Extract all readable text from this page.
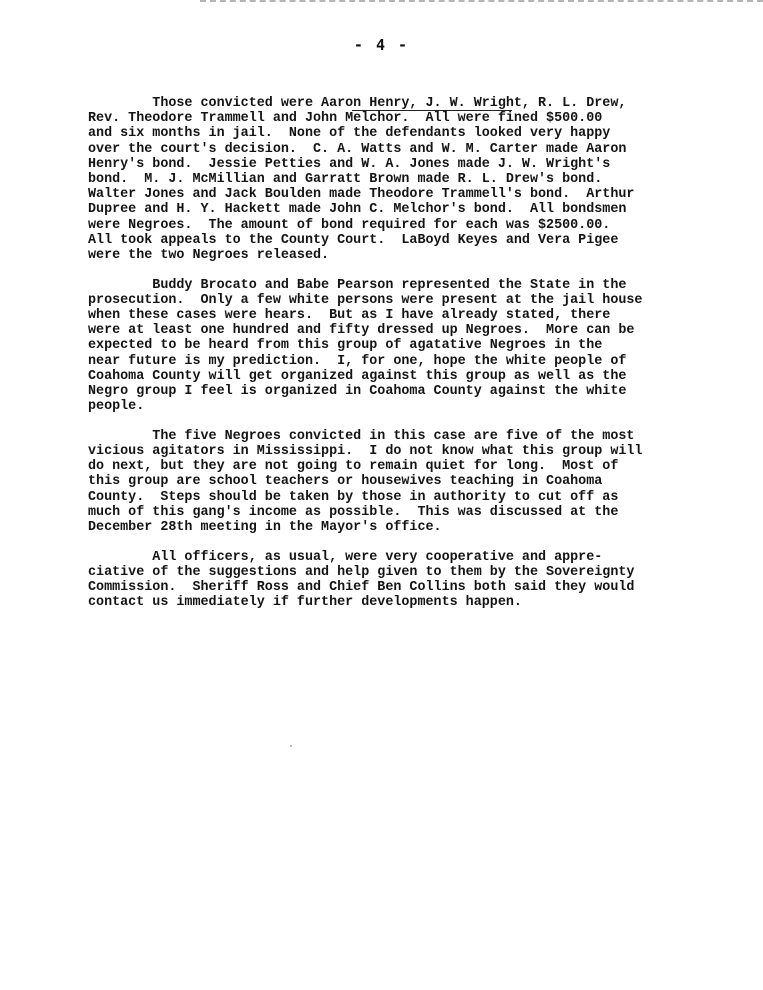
- 4 -
Those convicted were Aaron Henry, J. W. Wright, R. L. Drew,
Rev. Theodore Trammell and John Melchor.  All were fined $500.00
and six months in jail.  None of the defendants looked very happy
over the court's decision.  C. A. Watts and W. M. Carter made Aaron
Henry's bond.  Jessie Petties and W. A. Jones made J. W. Wright's
bond.  M. J. McMillian and Garratt Brown made R. L. Drew's bond.
Walter Jones and Jack Boulden made Theodore Trammell's bond.  Arthur
Dupree and H. Y. Hackett made John C. Melchor's bond.  All bondsmen
were Negroes.  The amount of bond required for each was $2500.00.
All took appeals to the County Court.  LaBoyd Keyes and Vera Pigee
were the two Negroes released.
Buddy Brocato and Babe Pearson represented the State in the
prosecution.  Only a few white persons were present at the jail house
when these cases were hears.  But as I have already stated, there
were at least one hundred and fifty dressed up Negroes.  More can be
expected to be heard from this group of agatative Negroes in the
near future is my prediction.  I, for one, hope the white people of
Coahoma County will get organized against this group as well as the
Negro group I feel is organized in Coahoma County against the white
people.
The five Negroes convicted in this case are five of the most
vicious agitators in Mississippi.  I do not know what this group will
do next, but they are not going to remain quiet for long.  Most of
this group are school teachers or housewives teaching in Coahoma
County.  Steps should be taken by those in authority to cut off as
much of this gang's income as possible.  This was discussed at the
December 28th meeting in the Mayor's office.
All officers, as usual, were very cooperative and appre-
ciative of the suggestions and help given to them by the Sovereignty
Commission.  Sheriff Ross and Chief Ben Collins both said they would
contact us immediately if further developments happen.
